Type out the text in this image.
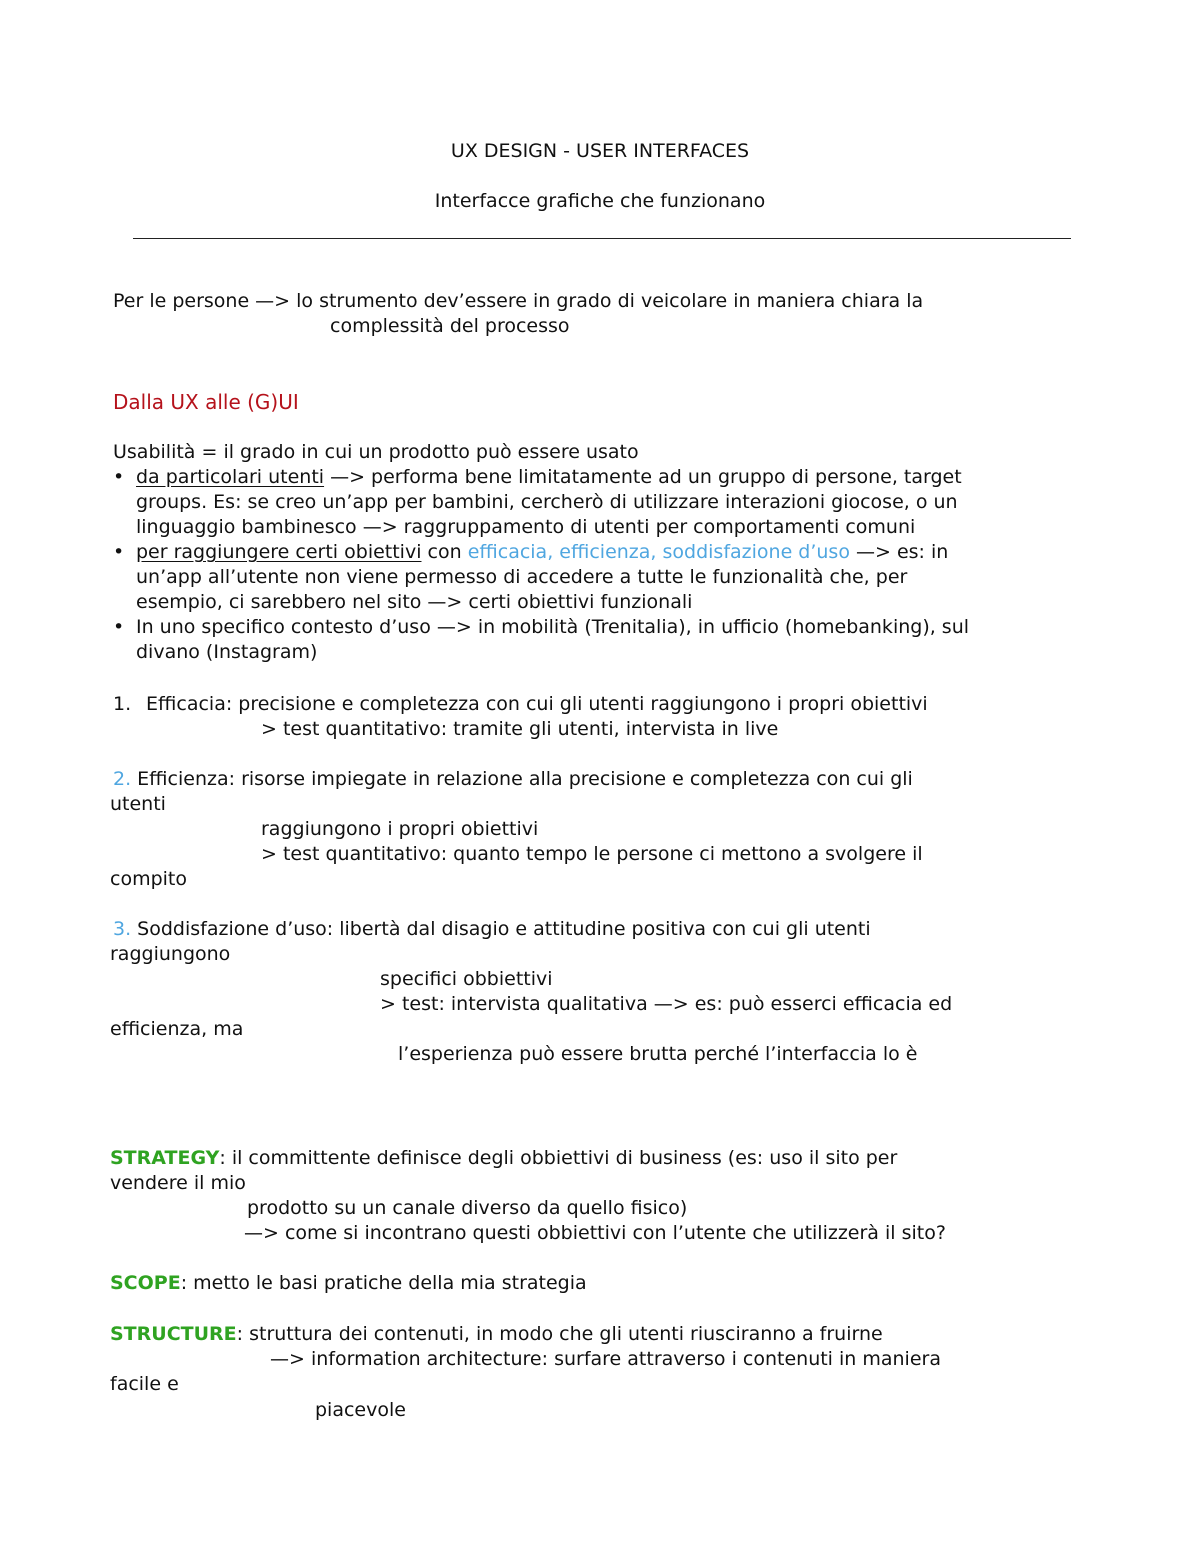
UX DESIGN - USER INTERFACES
Interfacce grafiche che funzionano
Per le persone —> lo strumento dev’essere in grado di veicolare in maniera chiara la
complessità del processo
Dalla UX alle (G)UI
Usabilità = il grado in cui un prodotto può essere usato
• da particolari utenti —> performa bene limitatamente ad un gruppo di persone, target
groups. Es: se creo un’app per bambini, cercherò di utilizzare interazioni giocose, o un
linguaggio bambinesco —> raggruppamento di utenti per comportamenti comuni
• per raggiungere certi obiettivi con efficacia, efficienza, soddisfazione d’uso —> es: in
un’app all’utente non viene permesso di accedere a tutte le funzionalità che, per
esempio, ci sarebbero nel sito —> certi obiettivi funzionali
• In uno specifico contesto d’uso —> in mobilità (Trenitalia), in ufficio (homebanking), sul
divano (Instagram)
1. Efficacia: precisione e completezza con cui gli utenti raggiungono i propri obiettivi
> test quantitativo: tramite gli utenti, intervista in live
2. Efficienza: risorse impiegate in relazione alla precisione e completezza con cui gli
utenti
raggiungono i propri obiettivi
> test quantitativo: quanto tempo le persone ci mettono a svolgere il
compito
3. Soddisfazione d’uso: libertà dal disagio e attitudine positiva con cui gli utenti
raggiungono
specifici obbiettivi
> test: intervista qualitativa —> es: può esserci efficacia ed
efficienza, ma
l’esperienza può essere brutta perché l’interfaccia lo è
STRATEGY: il committente definisce degli obbiettivi di business (es: uso il sito per
vendere il mio
prodotto su un canale diverso da quello fisico)
—> come si incontrano questi obbiettivi con l’utente che utilizzerà il sito?
SCOPE: metto le basi pratiche della mia strategia
STRUCTURE: struttura dei contenuti, in modo che gli utenti riusciranno a fruirne
—> information architecture: surfare attraverso i contenuti in maniera
facile e
piacevole
